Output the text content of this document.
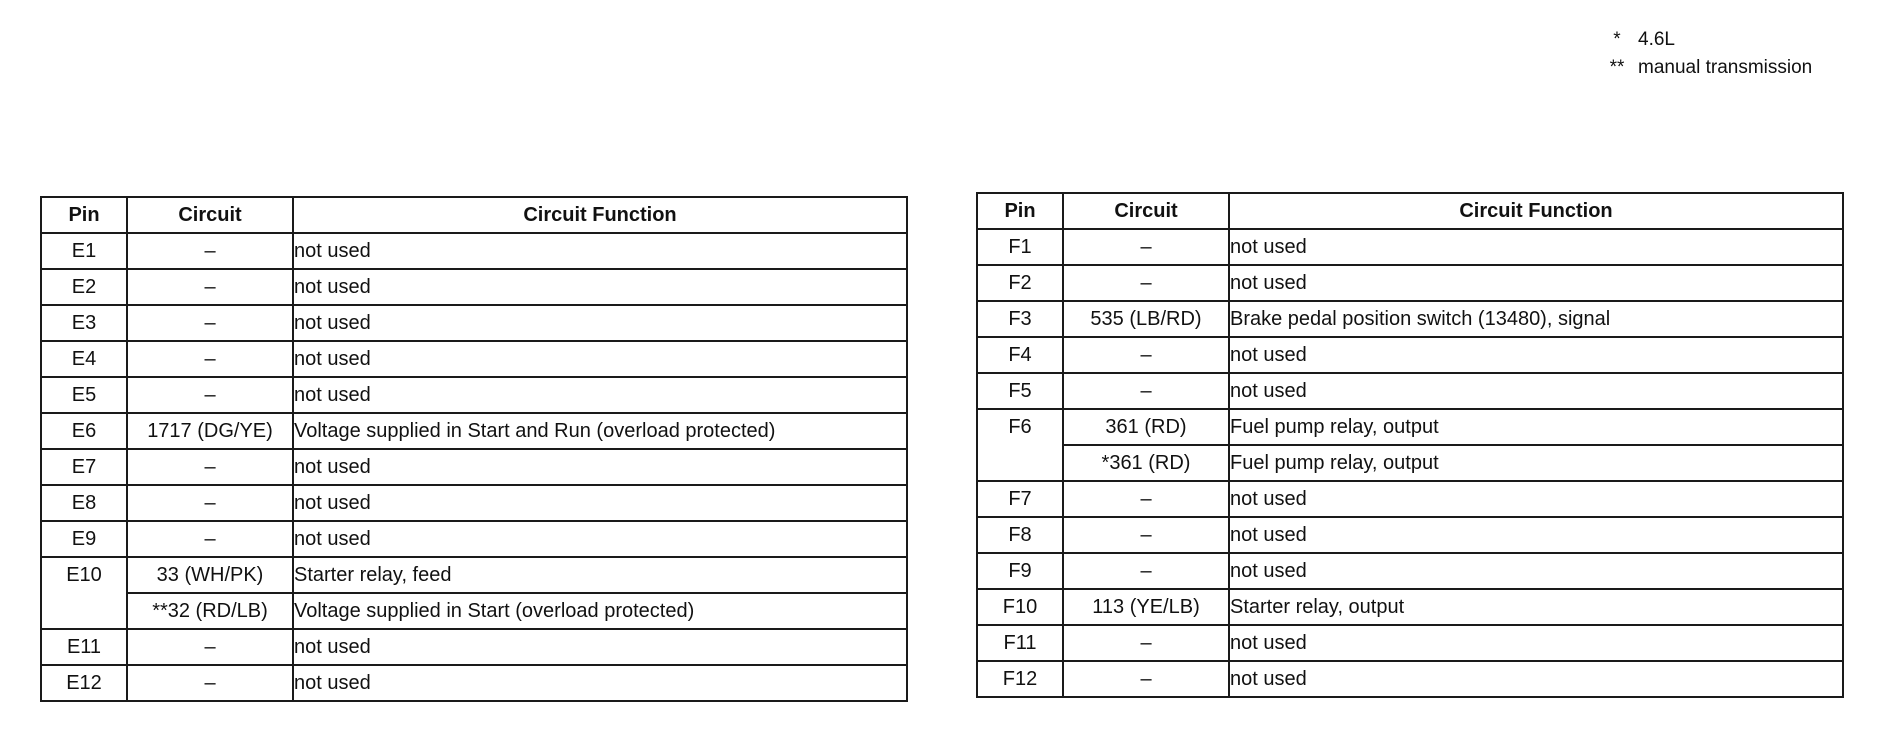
* 4.6L
** manual transmission
Pin	Circuit	Circuit Function
E1	–	not used
E2	–	not used
E3	–	not used
E4	–	not used
E5	–	not used
E6	1717 (DG/YE)	Voltage supplied in Start and Run (overload protected)
E7	–	not used
E8	–	not used
E9	–	not used
E10	33 (WH/PK)	Starter relay, feed
	**32 (RD/LB)	Voltage supplied in Start (overload protected)
E11	–	not used
E12	–	not used
Pin	Circuit	Circuit Function
F1	–	not used
F2	–	not used
F3	535 (LB/RD)	Brake pedal position switch (13480), signal
F4	–	not used
F5	–	not used
F6	361 (RD)	Fuel pump relay, output
	*361 (RD)	Fuel pump relay, output
F7	–	not used
F8	–	not used
F9	–	not used
F10	113 (YE/LB)	Starter relay, output
F11	–	not used
F12	–	not used
